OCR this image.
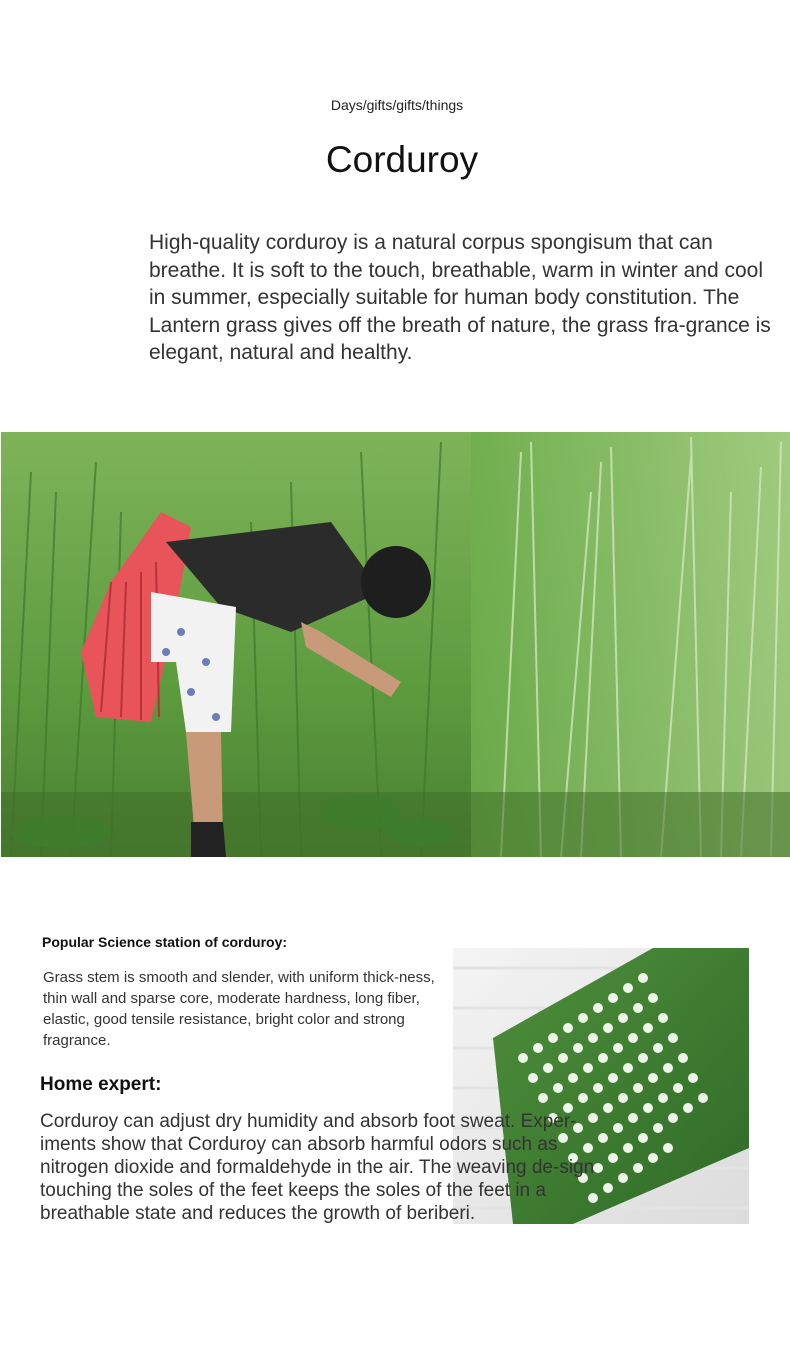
Days/gifts/gifts/things
Corduroy

High-quality corduroy is a natural corpus spongisum that can breathe. It is soft to the touch, breathable, warm in winter and cool in summer, especially suitable for human body constitution. The Lantern grass gives off the breath of nature, the grass fra-grance is elegant, natural and healthy.

Popular Science station of corduroy:

Grass stem is smooth and slender, with uniform thick-ness, thin wall and sparse core, moderate hardness, long fiber, elastic, good tensile resistance, bright color and strong fragrance.

Home expert:

Corduroy can adjust dry humidity and absorb foot sweat. Exper-iments show that Corduroy can absorb harmful odors such as nitrogen dioxide and formaldehyde in the air. The weaving de-sign touching the soles of the feet keeps the soles of the feet in a breathable state and reduces the growth of beriberi.
